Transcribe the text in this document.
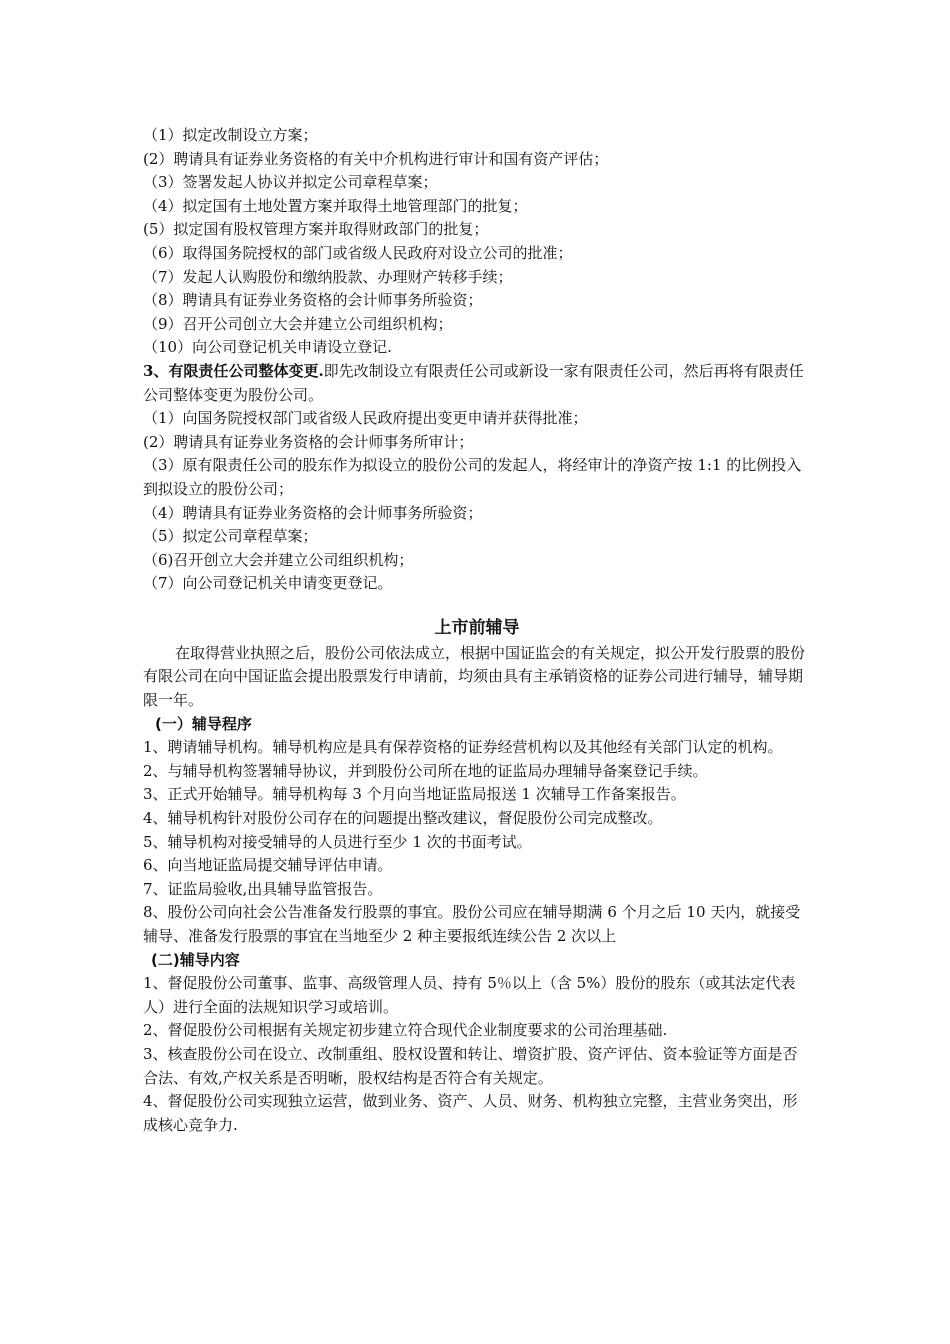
（1）拟定改制设立方案；
(2）聘请具有证券业务资格的有关中介机构进行审计和国有资产评估；
（3）签署发起人协议并拟定公司章程草案；
（4）拟定国有土地处置方案并取得土地管理部门的批复；
(5）拟定国有股权管理方案并取得财政部门的批复；
（6）取得国务院授权的部门或省级人民政府对设立公司的批准；
（7）发起人认购股份和缴纳股款、办理财产转移手续；
（8）聘请具有证券业务资格的会计师事务所验资；
（9）召开公司创立大会并建立公司组织机构；
（10）向公司登记机关申请设立登记.
3、有限责任公司整体变更.即先改制设立有限责任公司或新设一家有限责任公司，然后再将有限责任公司整体变更为股份公司。
（1）向国务院授权部门或省级人民政府提出变更申请并获得批准；
(2）聘请具有证券业务资格的会计师事务所审计；
（3）原有限责任公司的股东作为拟设立的股份公司的发起人，将经审计的净资产按 1:1 的比例投入到拟设立的股份公司；
（4）聘请具有证券业务资格的会计师事务所验资；
（5）拟定公司章程草案；
（6)召开创立大会并建立公司组织机构；
（7）向公司登记机关申请变更登记。
上市前辅导
在取得营业执照之后，股份公司依法成立，根据中国证监会的有关规定，拟公开发行股票的股份有限公司在向中国证监会提出股票发行申请前，均须由具有主承销资格的证券公司进行辅导，辅导期限一年。
(一）辅导程序
1、聘请辅导机构。辅导机构应是具有保荐资格的证券经营机构以及其他经有关部门认定的机构。
2、与辅导机构签署辅导协议，并到股份公司所在地的证监局办理辅导备案登记手续。
3、正式开始辅导。辅导机构每 3 个月向当地证监局报送 1 次辅导工作备案报告。
4、辅导机构针对股份公司存在的问题提出整改建议，督促股份公司完成整改。
5、辅导机构对接受辅导的人员进行至少 1 次的书面考试。
6、向当地证监局提交辅导评估申请。
7、证监局验收,出具辅导监管报告。
8、股份公司向社会公告准备发行股票的事宜。股份公司应在辅导期满 6 个月之后 10 天内，就接受辅导、准备发行股票的事宜在当地至少 2 种主要报纸连续公告 2 次以上
(二)辅导内容
1、督促股份公司董事、监事、高级管理人员、持有 5％以上（含 5%）股份的股东（或其法定代表人）进行全面的法规知识学习或培训。
2、督促股份公司根据有关规定初步建立符合现代企业制度要求的公司治理基础.
3、核查股份公司在设立、改制重组、股权设置和转让、增资扩股、资产评估、资本验证等方面是否合法、有效,产权关系是否明晰，股权结构是否符合有关规定。
4、督促股份公司实现独立运营，做到业务、资产、人员、财务、机构独立完整，主营业务突出，形成核心竞争力.
